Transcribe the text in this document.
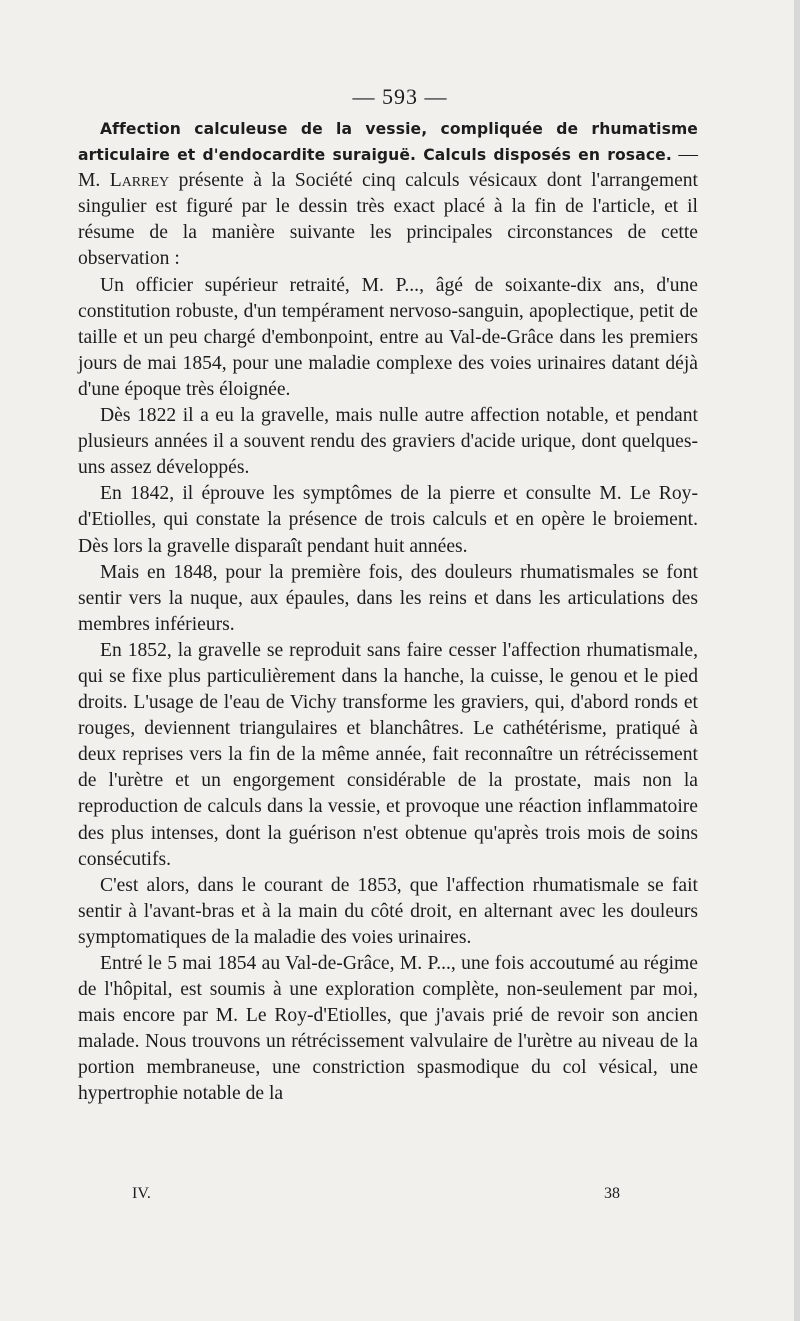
— 593 —

Affection calculeuse de la vessie, compliquée de rhumatisme articulaire et d'endocardite suraiguë. Calculs disposés en rosace. — M. Larrey présente à la Société cinq calculs vésicaux dont l'arrangement singulier est figuré par le dessin très exact placé à la fin de l'article, et il résume de la manière suivante les principales circonstances de cette observation :

Un officier supérieur retraité, M. P..., âgé de soixante-dix ans, d'une constitution robuste, d'un tempérament nervoso-sanguin, apoplectique, petit de taille et un peu chargé d'embonpoint, entre au Val-de-Grâce dans les premiers jours de mai 1854, pour une maladie complexe des voies urinaires datant déjà d'une époque très éloignée.

Dès 1822 il a eu la gravelle, mais nulle autre affection notable, et pendant plusieurs années il a souvent rendu des graviers d'acide urique, dont quelques-uns assez développés.

En 1842, il éprouve les symptômes de la pierre et consulte M. Le Roy-d'Etiolles, qui constate la présence de trois calculs et en opère le broiement. Dès lors la gravelle disparaît pendant huit années.

Mais en 1848, pour la première fois, des douleurs rhumatismales se font sentir vers la nuque, aux épaules, dans les reins et dans les articulations des membres inférieurs.

En 1852, la gravelle se reproduit sans faire cesser l'affection rhumatismale, qui se fixe plus particulièrement dans la hanche, la cuisse, le genou et le pied droits. L'usage de l'eau de Vichy transforme les graviers, qui, d'abord ronds et rouges, deviennent triangulaires et blanchâtres. Le cathétérisme, pratiqué à deux reprises vers la fin de la même année, fait reconnaître un rétrécissement de l'urètre et un engorgement considérable de la prostate, mais non la reproduction de calculs dans la vessie, et provoque une réaction inflammatoire des plus intenses, dont la guérison n'est obtenue qu'après trois mois de soins consécutifs.

C'est alors, dans le courant de 1853, que l'affection rhumatismale se fait sentir à l'avant-bras et à la main du côté droit, en alternant avec les douleurs symptomatiques de la maladie des voies urinaires.

Entré le 5 mai 1854 au Val-de-Grâce, M. P..., une fois accoutumé au régime de l'hôpital, est soumis à une exploration complète, non-seulement par moi, mais encore par M. Le Roy-d'Etiolles, que j'avais prié de revoir son ancien malade. Nous trouvons un rétrécissement valvulaire de l'urètre au niveau de la portion membraneuse, une constriction spasmodique du col vésical, une hypertrophie notable de la

IV.	38
